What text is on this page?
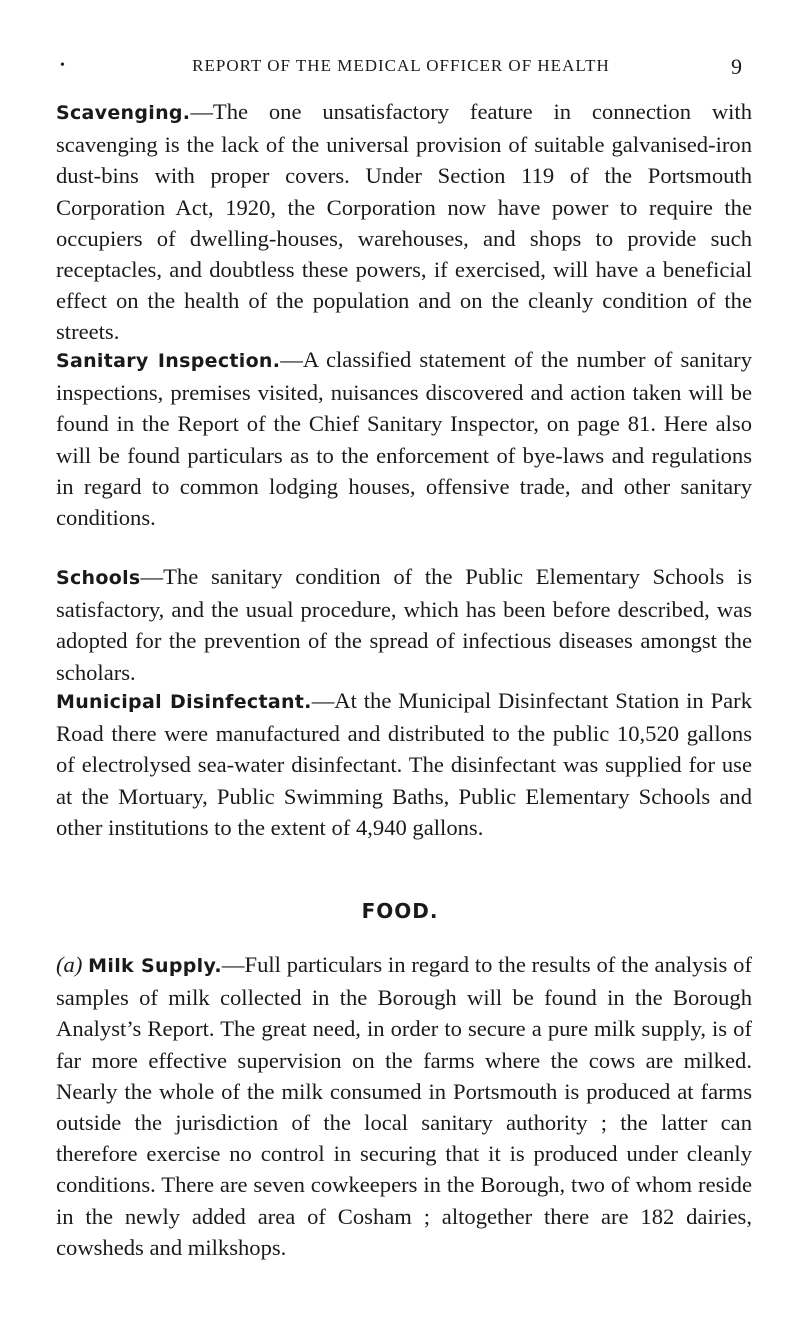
•	REPORT OF THE MEDICAL OFFICER OF HEALTH	9

Scavenging.—The one unsatisfactory feature in connection with scavenging is the lack of the universal provision of suitable galvanised-iron dust-bins with proper covers. Under Section 119 of the Portsmouth Corporation Act, 1920, the Corporation now have power to require the occupiers of dwelling-houses, warehouses, and shops to provide such receptacles, and doubtless these powers, if exercised, will have a beneficial effect on the health of the population and on the cleanly condition of the streets.

Sanitary Inspection.—A classified statement of the number of sanitary inspections, premises visited, nuisances discovered and action taken will be found in the Report of the Chief Sanitary Inspector, on page 81. Here also will be found particulars as to the enforcement of bye-laws and regulations in regard to common lodging houses, offensive trade, and other sanitary conditions.

Schools—The sanitary condition of the Public Elementary Schools is satisfactory, and the usual procedure, which has been before described, was adopted for the prevention of the spread of infectious diseases amongst the scholars.

Municipal Disinfectant.—At the Municipal Disinfectant Station in Park Road there were manufactured and distributed to the public 10,520 gallons of electrolysed sea-water disinfectant. The disinfectant was supplied for use at the Mortuary, Public Swimming Baths, Public Elementary Schools and other institutions to the extent of 4,940 gallons.

FOOD.

(a) Milk Supply.—Full particulars in regard to the results of the analysis of samples of milk collected in the Borough will be found in the Borough Analyst’s Report. The great need, in order to secure a pure milk supply, is of far more effective supervision on the farms where the cows are milked. Nearly the whole of the milk consumed in Portsmouth is produced at farms outside the jurisdiction of the local sanitary authority ; the latter can therefore exercise no control in securing that it is produced under cleanly conditions. There are seven cowkeepers in the Borough, two of whom reside in the newly added area of Cosham ; altogether there are 182 dairies, cowsheds and milkshops.
